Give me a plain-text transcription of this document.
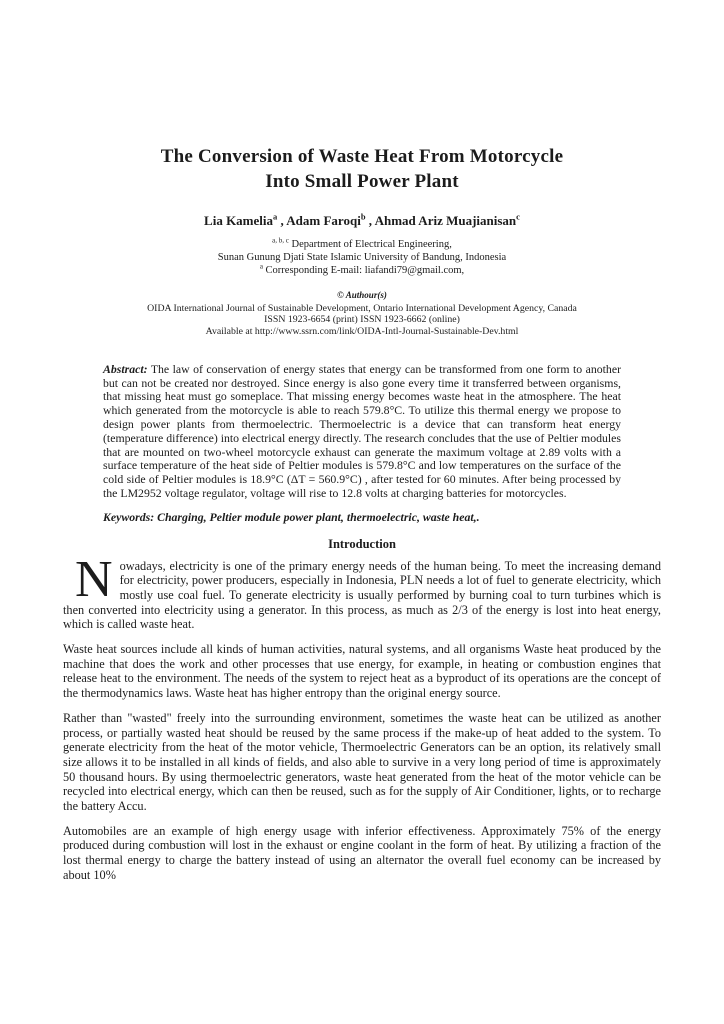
The Conversion of Waste Heat From Motorcycle
Into Small Power Plant
Lia Kamelia$^a$ , Adam Faroqi$^b$ , Ahmad Ariz Muajianisan$^c$
$^{a, b, c}$ Department of Electrical Engineering,
Sunan Gunung Djati State Islamic University of Bandung, Indonesia
$^a$ Corresponding E-mail: liafandi79@gmail.com,
© Authour(s)
OIDA International Journal of Sustainable Development, Ontario International Development Agency, Canada
ISSN 1923-6654 (print) ISSN 1923-6662 (online)
Available at http://www.ssrn.com/link/OIDA-Intl-Journal-Sustainable-Dev.html
Abstract: The law of conservation of energy states that energy can be transformed from one form to another but can not be created nor destroyed. Since energy is also gone every time it transferred between organisms, that missing heat must go someplace. That missing energy becomes waste heat in the atmosphere. The heat which generated from the motorcycle is able to reach 579.8°C. To utilize this thermal energy we propose to design power plants from thermoelectric. Thermoelectric is a device that can transform heat energy (temperature difference) into electrical energy directly. The research concludes that the use of Peltier modules that are mounted on two-wheel motorcycle exhaust can generate the maximum voltage at 2.89 volts with a surface temperature of the heat side of Peltier modules is 579.8°C and low temperatures on the surface of the cold side of Peltier modules is 18.9°C (ΔT = 560.9°C) , after tested for 60 minutes. After being processed by the LM2952 voltage regulator, voltage will rise to 12.8 volts at charging batteries for motorcycles.
Keywords: Charging, Peltier module power plant, thermoelectric, waste heat,.
Introduction

Nowadays, electricity is one of the primary energy needs of the human being. To meet the increasing demand for electricity, power producers, especially in Indonesia, PLN needs a lot of fuel to generate electricity, which mostly use coal fuel. To generate electricity is usually performed by burning coal to turn turbines which is then converted into electricity using a generator. In this process, as much as 2/3 of the energy is lost into heat energy, which is called waste heat.

Waste heat sources include all kinds of human activities, natural systems, and all organisms Waste heat produced by the machine that does the work and other processes that use energy, for example, in heating or combustion engines that release heat to the environment. The needs of the system to reject heat as a byproduct of its operations are the concept of the thermodynamics laws. Waste heat has higher entropy than the original energy source.

Rather than "wasted" freely into the surrounding environment, sometimes the waste heat can be utilized as another process, or partially wasted heat should be reused by the same process if the make-up of heat added to the system. To generate electricity from the heat of the motor vehicle, Thermoelectric Generators can be an option, its relatively small size allows it to be installed in all kinds of fields, and also able to survive in a very long period of time is approximately 50 thousand hours. By using thermoelectric generators, waste heat generated from the heat of the motor vehicle can be recycled into electrical energy, which can then be reused, such as for the supply of Air Conditioner, lights, or to recharge the battery Accu.

Automobiles are an example of high energy usage with inferior effectiveness. Approximately 75% of the energy produced during combustion will lost in the exhaust or engine coolant in the form of heat. By utilizing a fraction of the lost thermal energy to charge the battery instead of using an alternator the overall fuel economy can be increased by about 10%
